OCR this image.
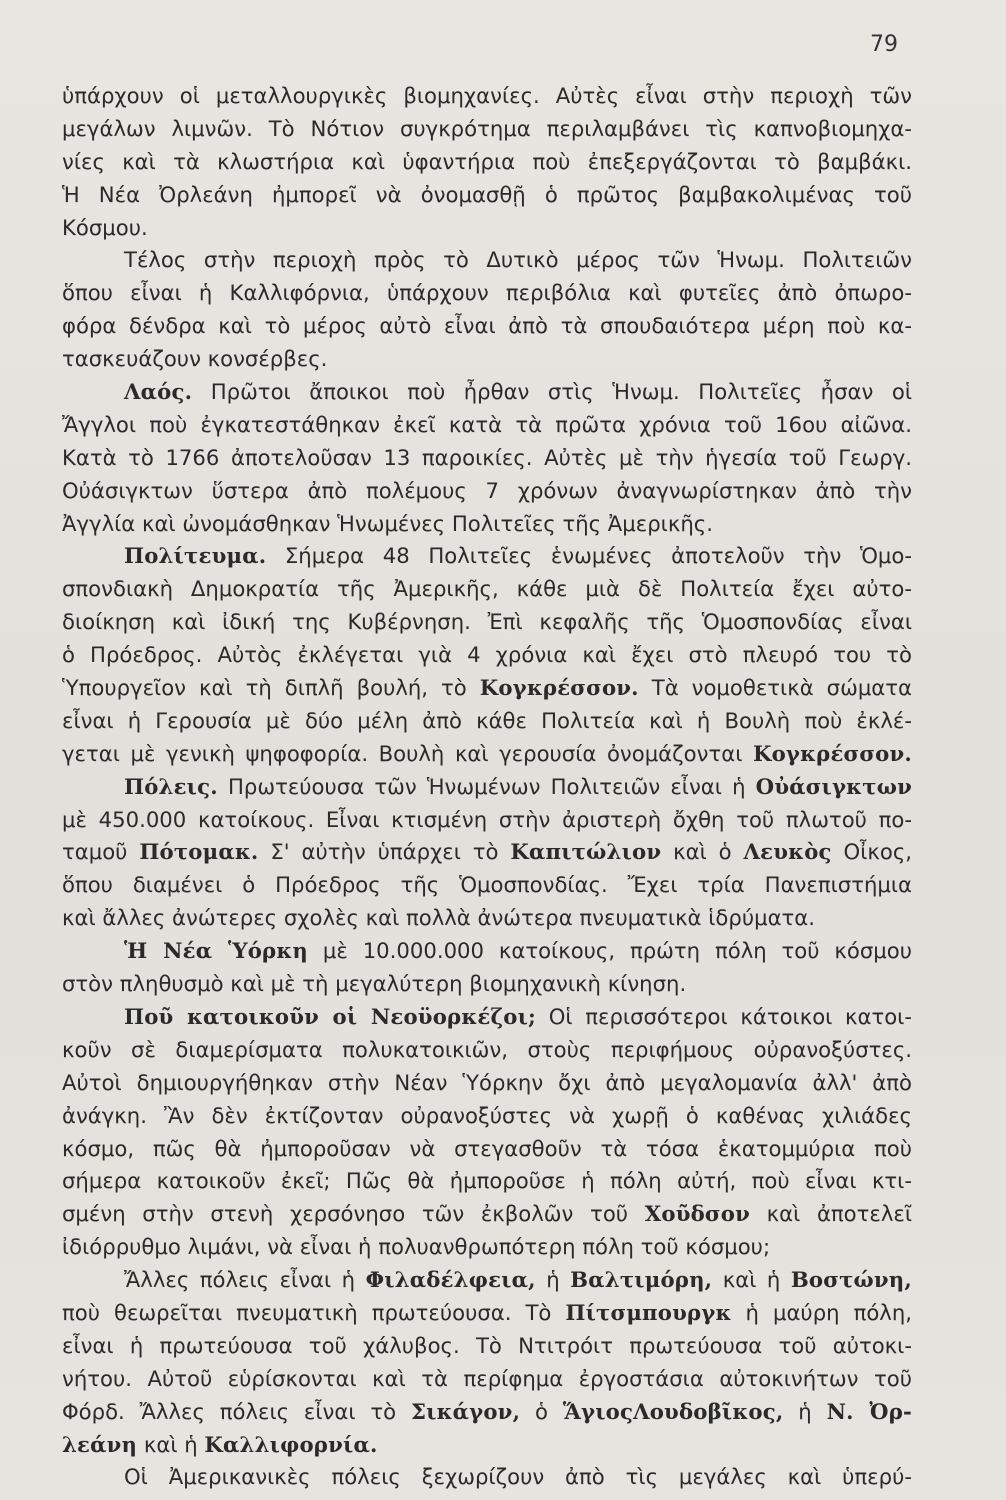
79
ὑπάρχουν οἱ μεταλλουργικὲς βιομηχανίες. Αὐτὲς εἶναι στὴν περιοχὴ τῶν
μεγάλων λιμνῶν. Τὸ Νότιον συγκρότημα περιλαμβάνει τὶς καπνοβιομηχα-
νίες καὶ τὰ κλωστήρια καὶ ὑφαντήρια ποὺ ἐπεξεργάζονται τὸ βαμβάκι.
Ἡ Νέα Ὀρλεάνη ἠμπορεῖ νὰ ὀνομασθῇ ὁ πρῶτος βαμβακολιμένας τοῦ
Κόσμου.
Τέλος στὴν περιοχὴ πρὸς τὸ Δυτικὸ μέρος τῶν Ἡνωμ. Πολιτειῶν
ὅπου εἶναι ἡ Καλλιφόρνια, ὑπάρχουν περιβόλια καὶ φυτεῖες ἀπὸ ὀπωρο-
φόρα δένδρα καὶ τὸ μέρος αὐτὸ εἶναι ἀπὸ τὰ σπουδαιότερα μέρη ποὺ κα-
τασκευάζουν κονσέρβες.
Λαός. Πρῶτοι ἄποικοι ποὺ ἦρθαν στὶς Ἡνωμ. Πολιτεῖες ἦσαν οἱ
Ἄγγλοι ποὺ ἐγκατεστάθηκαν ἐκεῖ κατὰ τὰ πρῶτα χρόνια τοῦ 16ου αἰῶνα.
Κατὰ τὸ 1766 ἀποτελοῦσαν 13 παροικίες. Αὐτὲς μὲ τὴν ἡγεσία τοῦ Γεωργ.
Οὐάσιγκτων ὕστερα ἀπὸ πολέμους 7 χρόνων ἀναγνωρίστηκαν ἀπὸ τὴν
Ἀγγλία καὶ ὠνομάσθηκαν Ἡνωμένες Πολιτεῖες τῆς Ἀμερικῆς.
Πολίτευμα. Σήμερα 48 Πολιτεῖες ἑνωμένες ἀποτελοῦν τὴν Ὁμο-
σπονδιακὴ Δημοκρατία τῆς Ἀμερικῆς, κάθε μιὰ δὲ Πολιτεία ἔχει αὐτο-
διοίκηση καὶ ἰδική της Κυβέρνηση. Ἐπὶ κεφαλῆς τῆς Ὁμοσπονδίας εἶναι
ὁ Πρόεδρος. Αὐτὸς ἐκλέγεται γιὰ 4 χρόνια καὶ ἔχει στὸ πλευρό του τὸ
Ὑπουργεῖον καὶ τὴ διπλῆ βουλή, τὸ Κογκρέσσον. Τὰ νομοθετικὰ σώματα
εἶναι ἡ Γερουσία μὲ δύο μέλη ἀπὸ κάθε Πολιτεία καὶ ἡ Βουλὴ ποὺ ἐκλέ-
γεται μὲ γενικὴ ψηφοφορία. Βουλὴ καὶ γερουσία ὀνομάζονται Κογκρέσσον.
Πόλεις. Πρωτεύουσα τῶν Ἡνωμένων Πολιτειῶν εἶναι ἡ Οὐάσιγκτων
μὲ 450.000 κατοίκους. Εἶναι κτισμένη στὴν ἀριστερὴ ὄχθη τοῦ πλωτοῦ πο-
ταμοῦ Πότομακ. Σ' αὐτὴν ὑπάρχει τὸ Καπιτώλιον καὶ ὁ Λευκὸς Οἶκος,
ὅπου διαμένει ὁ Πρόεδρος τῆς Ὁμοσπονδίας. Ἔχει τρία Πανεπιστήμια
καὶ ἄλλες ἀνώτερες σχολὲς καὶ πολλὰ ἀνώτερα πνευματικὰ ἱδρύματα.
Ἡ Νέα Ὑόρκη μὲ 10.000.000 κατοίκους, πρώτη πόλη τοῦ κόσμου
στὸν πληθυσμὸ καὶ μὲ τὴ μεγαλύτερη βιομηχανικὴ κίνηση.
Ποῦ κατοικοῦν οἱ Νεοϋορκέζοι; Οἱ περισσότεροι κάτοικοι κατοι-
κοῦν σὲ διαμερίσματα πολυκατοικιῶν, στοὺς περιφήμους οὐρανοξύστες.
Αὐτοὶ δημιουργήθηκαν στὴν Νέαν Ὑόρκην ὄχι ἀπὸ μεγαλομανία ἀλλ' ἀπὸ
ἀνάγκη. Ἂν δὲν ἐκτίζονταν οὐρανοξύστες νὰ χωρῇ ὁ καθένας χιλιάδες
κόσμο, πῶς θὰ ἠμποροῦσαν νὰ στεγασθοῦν τὰ τόσα ἑκατομμύρια ποὺ
σήμερα κατοικοῦν ἐκεῖ; Πῶς θὰ ἠμποροῦσε ἡ πόλη αὐτή, ποὺ εἶναι κτι-
σμένη στὴν στενὴ χερσόνησο τῶν ἐκβολῶν τοῦ Χοῦδσον καὶ ἀποτελεῖ
ἰδιόρρυθμο λιμάνι, νὰ εἶναι ἡ πολυανθρωπότερη πόλη τοῦ κόσμου;
Ἄλλες πόλεις εἶναι ἡ Φιλαδέλφεια, ἡ Βαλτιμόρη, καὶ ἡ Βοστώνη,
ποὺ θεωρεῖται πνευματικὴ πρωτεύουσα. Τὸ Πίτσμπουργκ ἡ μαύρη πόλη,
εἶναι ἡ πρωτεύουσα τοῦ χάλυβος. Τὸ Ντιτρόιτ πρωτεύουσα τοῦ αὐτοκι-
νήτου. Αὐτοῦ εὑρίσκονται καὶ τὰ περίφημα ἐργοστάσια αὐτοκινήτων τοῦ
Φόρδ. Ἄλλες πόλεις εἶναι τὸ Σικάγον, ὁ ἍγιοςΛουδοβῖκος, ἡ Ν. Ὀρ-
λεάνη καὶ ἡ Καλλιφορνία.
Οἱ Ἀμερικανικὲς πόλεις ξεχωρίζουν ἀπὸ τὶς μεγάλες καὶ ὑπερύ-
